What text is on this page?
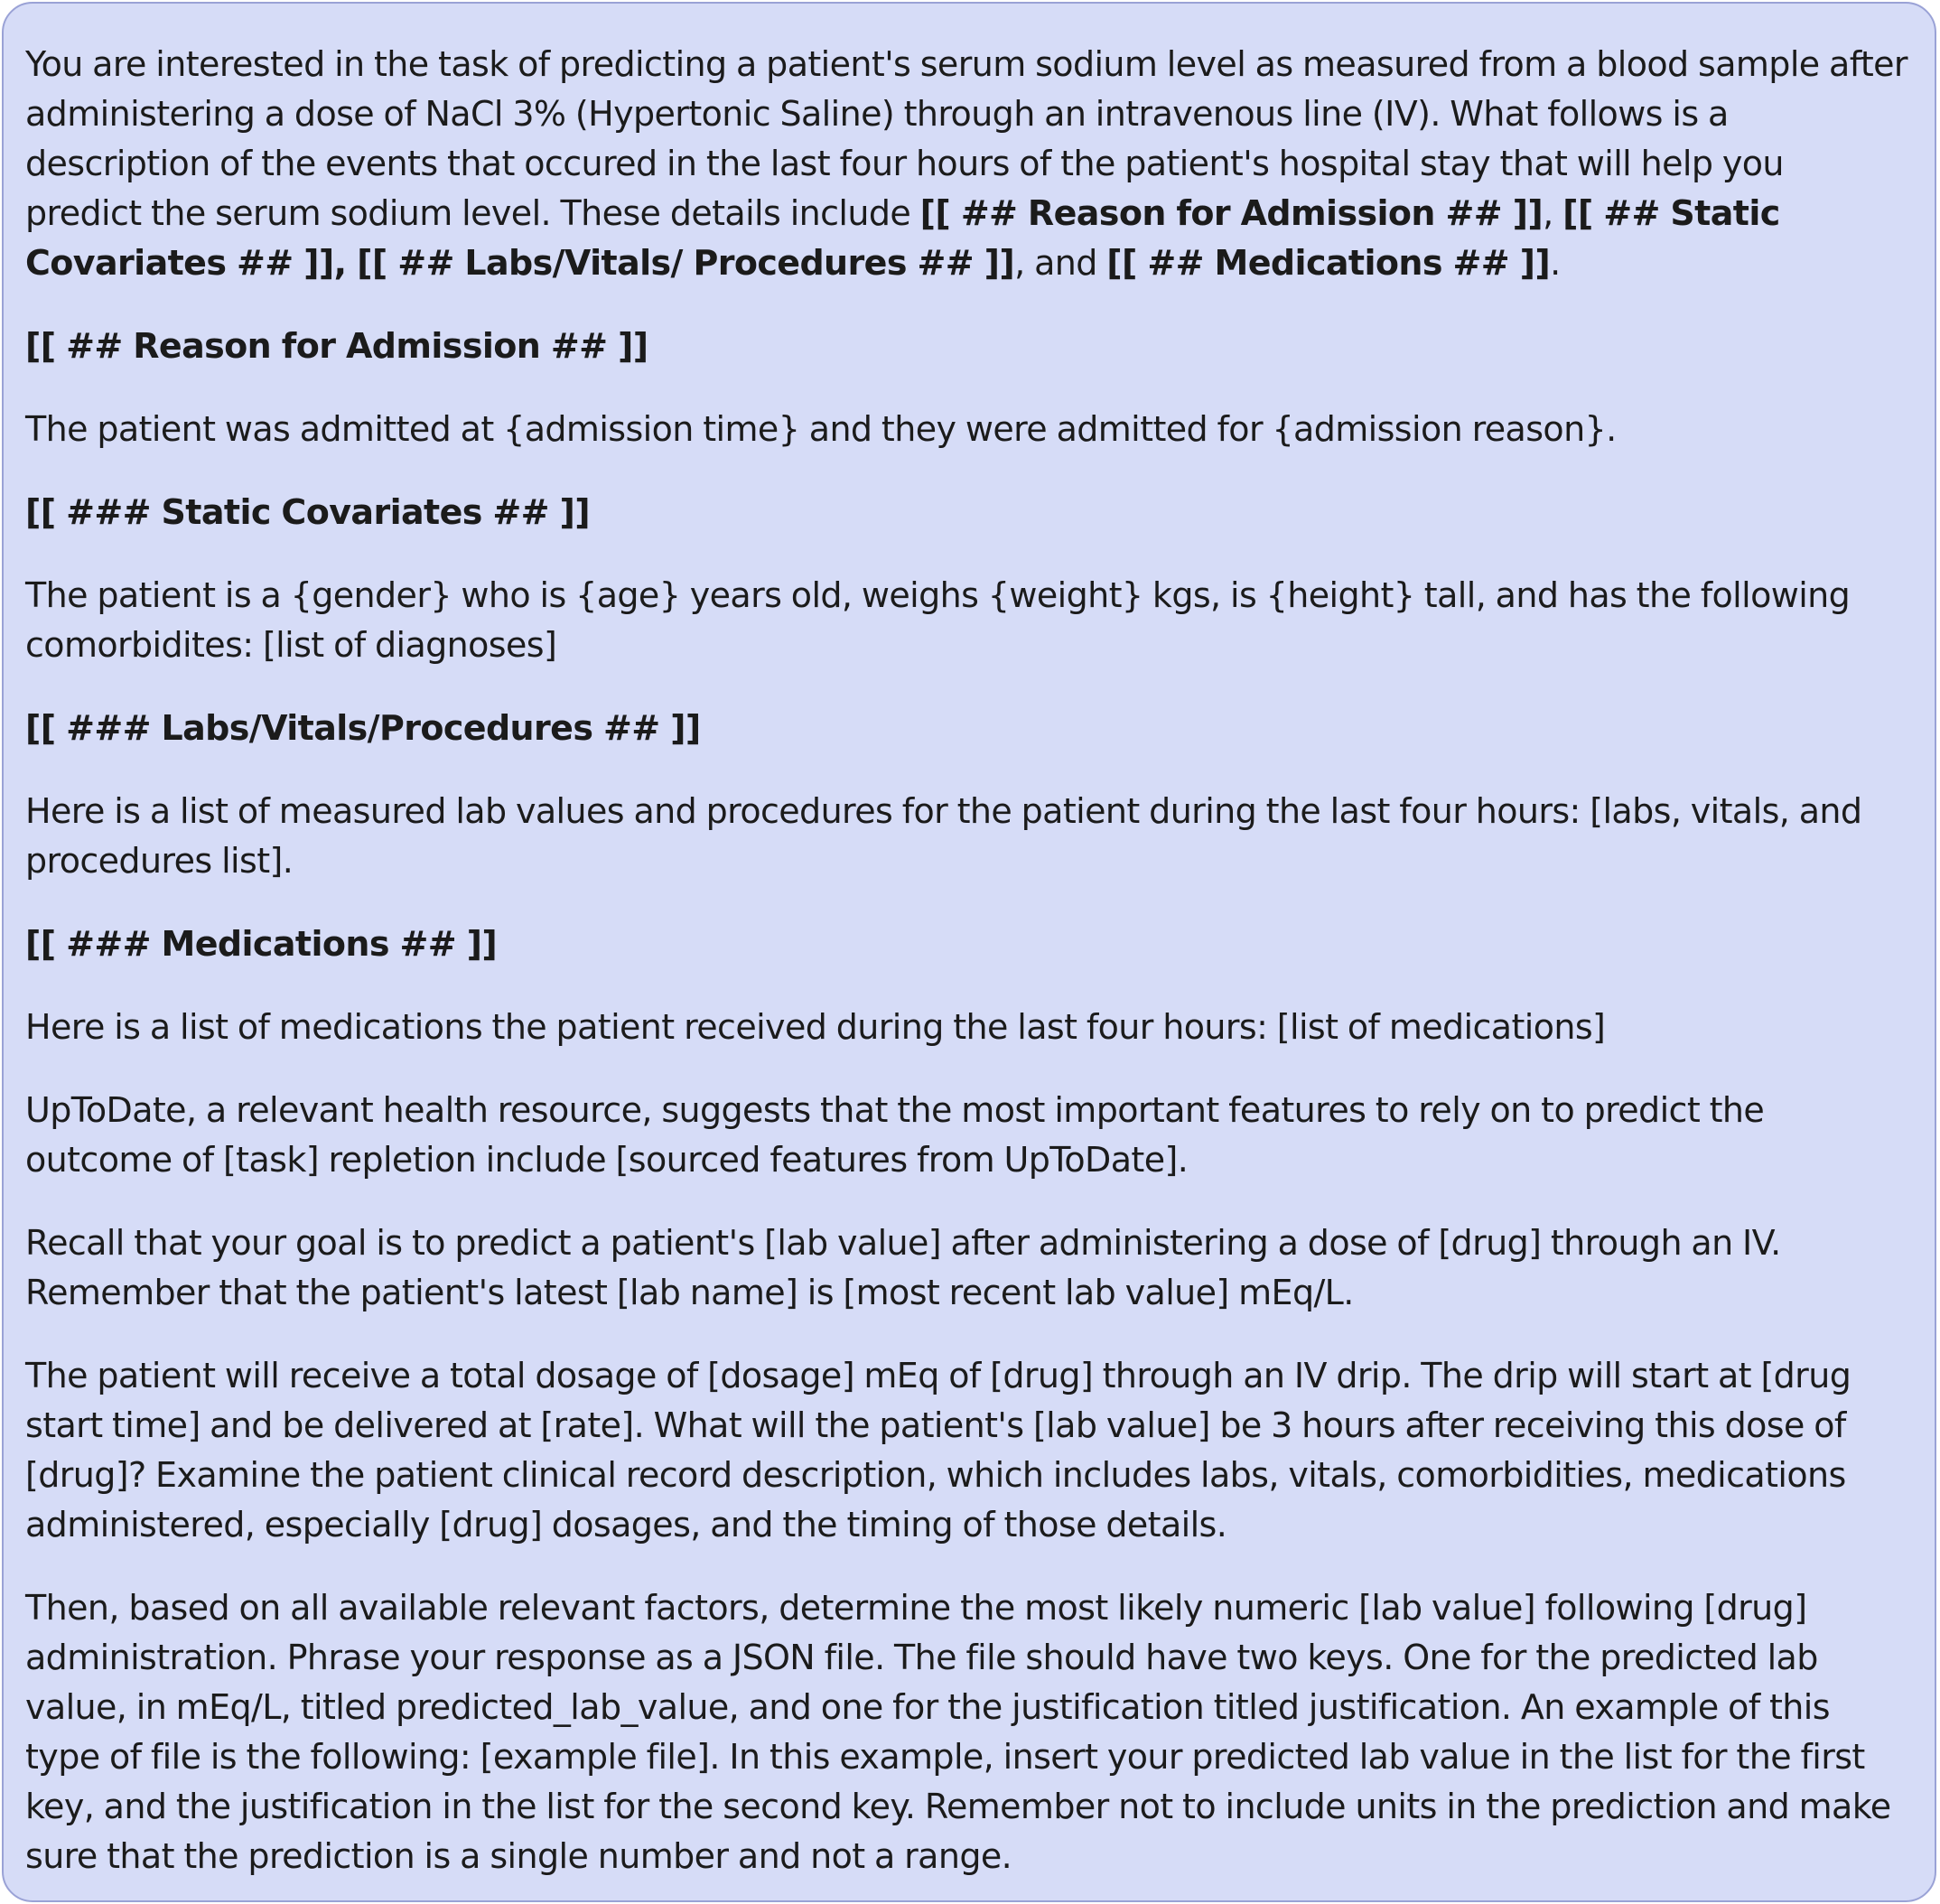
You are interested in the task of predicting a patient's serum sodium level as measured from a blood sample after administering a dose of NaCl 3% (Hypertonic Saline) through an intravenous line (IV). What follows is a description of the events that occured in the last four hours of the patient's hospital stay that will help you predict the serum sodium level. These details include [[ ## Reason for Admission ## ]], [[ ## Static Covariates ## ]], [[ ## Labs/Vitals/ Procedures ## ]], and [[ ## Medications ## ]].

[[ ## Reason for Admission ## ]]

The patient was admitted at {admission time} and they were admitted for {admission reason}.

[[ ### Static Covariates ## ]]

The patient is a {gender} who is {age} years old, weighs {weight} kgs, is {height} tall, and has the following comorbidites: [list of diagnoses]

[[ ### Labs/Vitals/Procedures ## ]]

Here is a list of measured lab values and procedures for the patient during the last four hours: [labs, vitals, and procedures list].

[[ ### Medications ## ]]

Here is a list of medications the patient received during the last four hours: [list of medications]

UpToDate, a relevant health resource, suggests that the most important features to rely on to predict the outcome of [task] repletion include [sourced features from UpToDate].

Recall that your goal is to predict a patient's [lab value] after administering a dose of [drug] through an IV. Remember that the patient's latest [lab name] is [most recent lab value] mEq/L.

The patient will receive a total dosage of [dosage] mEq of [drug] through an IV drip. The drip will start at [drug start time] and be delivered at [rate]. What will the patient's [lab value] be 3 hours after receiving this dose of [drug]? Examine the patient clinical record description, which includes labs, vitals, comorbidities, medications administered, especially [drug] dosages, and the timing of those details.

Then, based on all available relevant factors, determine the most likely numeric [lab value] following [drug] administration. Phrase your response as a JSON file. The file should have two keys. One for the predicted lab value, in mEq/L, titled predicted_lab_value, and one for the justification titled justification. An example of this type of file is the following: [example file]. In this example, insert your predicted lab value in the list for the first key, and the justification in the list for the second key. Remember not to include units in the prediction and make sure that the prediction is a single number and not a range.
